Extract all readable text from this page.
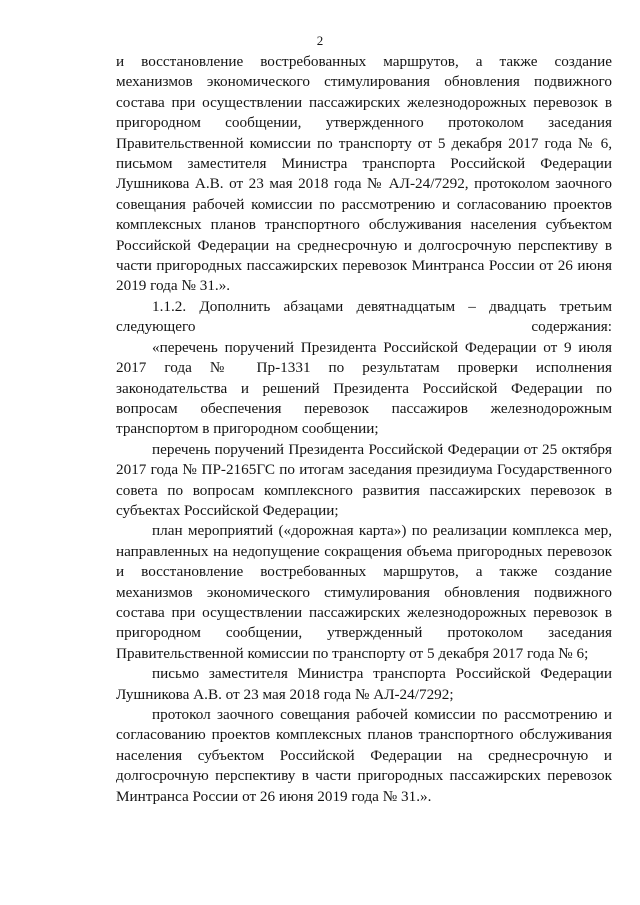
2

и восстановление востребованных маршрутов, а также создание механизмов экономического стимулирования обновления подвижного состава при осуществлении пассажирских железнодорожных перевозок в пригородном сообщении, утвержденного протоколом заседания Правительственной комиссии по транспорту от 5 декабря 2017 года № 6, письмом заместителя Министра транспорта Российской Федерации Лушникова А.В. от 23 мая 2018 года № АЛ-24/7292, протоколом заочного совещания рабочей комиссии по рассмотрению и согласованию проектов комплексных планов транспортного обслуживания населения субъектом Российской Федерации на среднесрочную и долгосрочную перспективу в части пригородных пассажирских перевозок Минтранса России от 26 июня 2019 года № 31.».

1.1.2. Дополнить абзацами девятнадцатым – двадцать третьим следующего содержания:

«перечень поручений Президента Российской Федерации от 9 июля 2017 года № Пр-1331 по результатам проверки исполнения законодательства и решений Президента Российской Федерации по вопросам обеспечения перевозок пассажиров железнодорожным транспортом в пригородном сообщении;

перечень поручений Президента Российской Федерации от 25 октября 2017 года № ПР-2165ГС по итогам заседания президиума Государственного совета по вопросам комплексного развития пассажирских перевозок в субъектах Российской Федерации;

план мероприятий («дорожная карта») по реализации комплекса мер, направленных на недопущение сокращения объема пригородных перевозок и восстановление востребованных маршрутов, а также создание механизмов экономического стимулирования обновления подвижного состава при осуществлении пассажирских железнодорожных перевозок в пригородном сообщении, утвержденный протоколом заседания Правительственной комиссии по транспорту от 5 декабря 2017 года № 6;

письмо заместителя Министра транспорта Российской Федерации Лушникова А.В. от 23 мая 2018 года № АЛ-24/7292;

протокол заочного совещания рабочей комиссии по рассмотрению и согласованию проектов комплексных планов транспортного обслуживания населения субъектом Российской Федерации на среднесрочную и долгосрочную перспективу в части пригородных пассажирских перевозок Минтранса России от 26 июня 2019 года № 31.».
